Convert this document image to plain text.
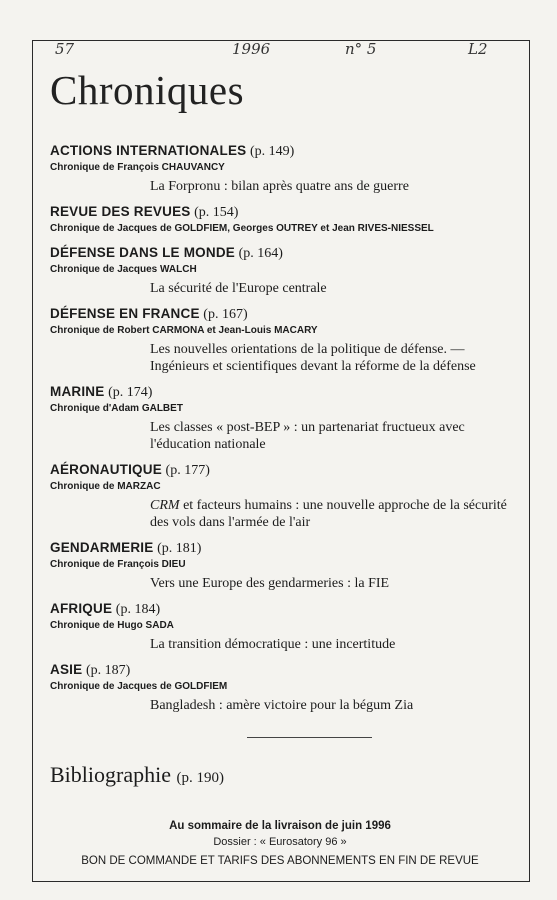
57	1996	n° 5	L2
Chroniques
ACTIONS INTERNATIONALES (p. 149)
Chronique de François CHAUVANCY
La Forpronu : bilan après quatre ans de guerre
REVUE DES REVUES (p. 154)
Chronique de Jacques de GOLDFIEM, Georges OUTREY et Jean RIVES-NIESSEL
DÉFENSE DANS LE MONDE (p. 164)
Chronique de Jacques WALCH
La sécurité de l'Europe centrale
DÉFENSE EN FRANCE (p. 167)
Chronique de Robert CARMONA et Jean-Louis MACARY
Les nouvelles orientations de la politique de défense. — Ingénieurs et scientifiques devant la réforme de la défense
MARINE (p. 174)
Chronique d'Adam GALBET
Les classes « post-BEP » : un partenariat fructueux avec l'éducation nationale
AÉRONAUTIQUE (p. 177)
Chronique de MARZAC
CRM et facteurs humains : une nouvelle approche de la sécurité des vols dans l'armée de l'air
GENDARMERIE (p. 181)
Chronique de François DIEU
Vers une Europe des gendarmeries : la FIE
AFRIQUE (p. 184)
Chronique de Hugo SADA
La transition démocratique : une incertitude
ASIE (p. 187)
Chronique de Jacques de GOLDFIEM
Bangladesh : amère victoire pour la bégum Zia
Bibliographie (p. 190)
Au sommaire de la livraison de juin 1996
Dossier : « Eurosatory 96 »
BON DE COMMANDE ET TARIFS DES ABONNEMENTS EN FIN DE REVUE
